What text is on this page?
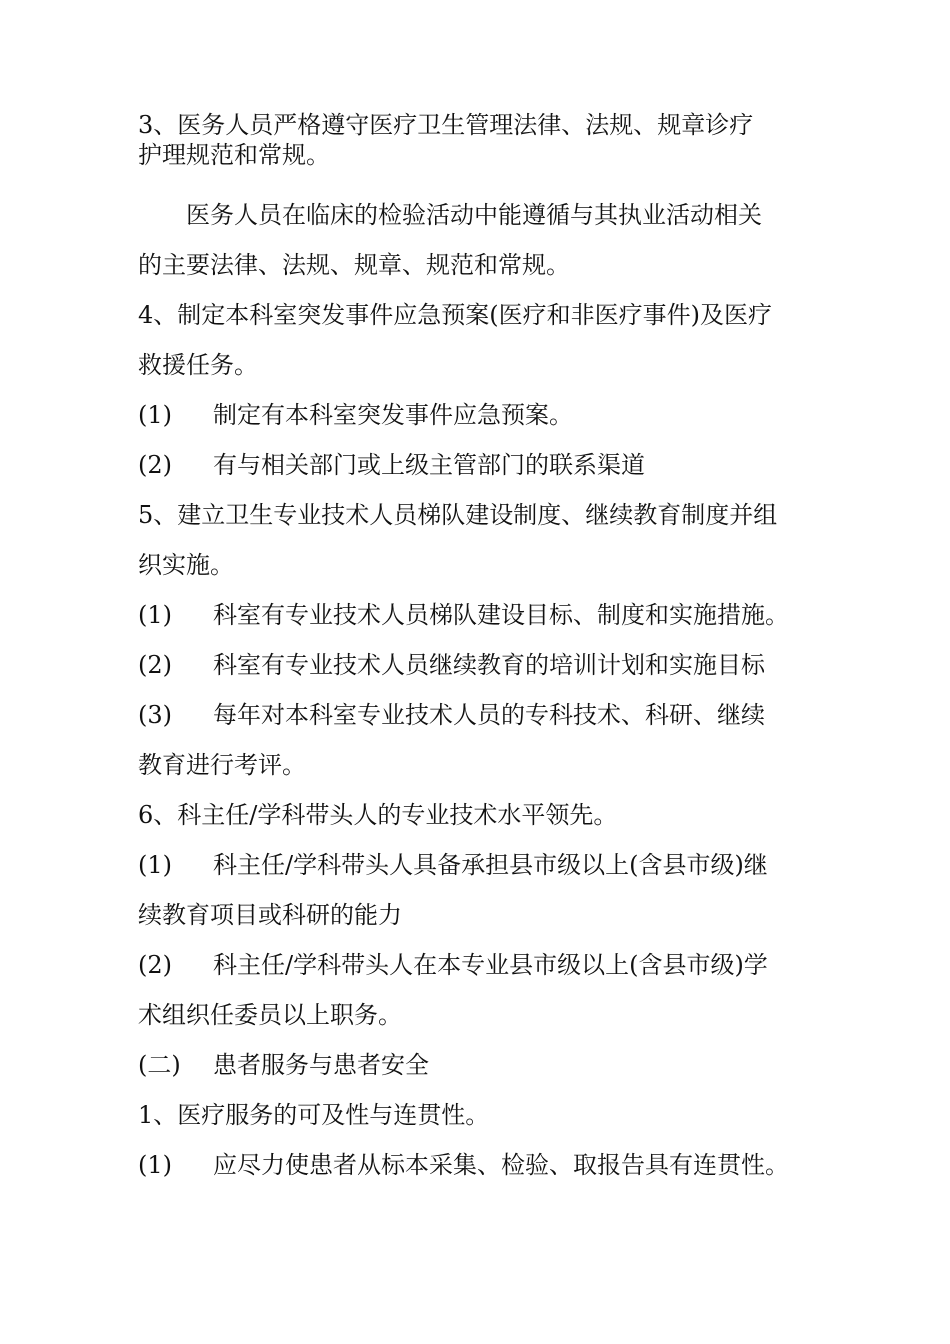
3、医务人员严格遵守医疗卫生管理法律、法规、规章诊疗
护理规范和常规。

医务人员在临床的检验活动中能遵循与其执业活动相关

的主要法律、法规、规章、规范和常规。

4、制定本科室突发事件应急预案(医疗和非医疗事件)及医疗

救援任务。

(1)	制定有本科室突发事件应急预案。
(2)	有与相关部门或上级主管部门的联系渠道

5、建立卫生专业技术人员梯队建设制度、继续教育制度并组

织实施。

(1)	科室有专业技术人员梯队建设目标、制度和实施措施。
(2)	科室有专业技术人员继续教育的培训计划和实施目标
(3)	每年对本科室专业技术人员的专科技术、科研、继续

教育进行考评。

6、科主任/学科带头人的专业技术水平领先。

(1)	科主任/学科带头人具备承担县市级以上(含县市级)继

续教育项目或科研的能力

(2)	科主任/学科带头人在本专业县市级以上(含县市级)学

术组织任委员以上职务。

(二)	患者服务与患者安全

1、医疗服务的可及性与连贯性。

(1)	应尽力使患者从标本采集、检验、取报告具有连贯性。
